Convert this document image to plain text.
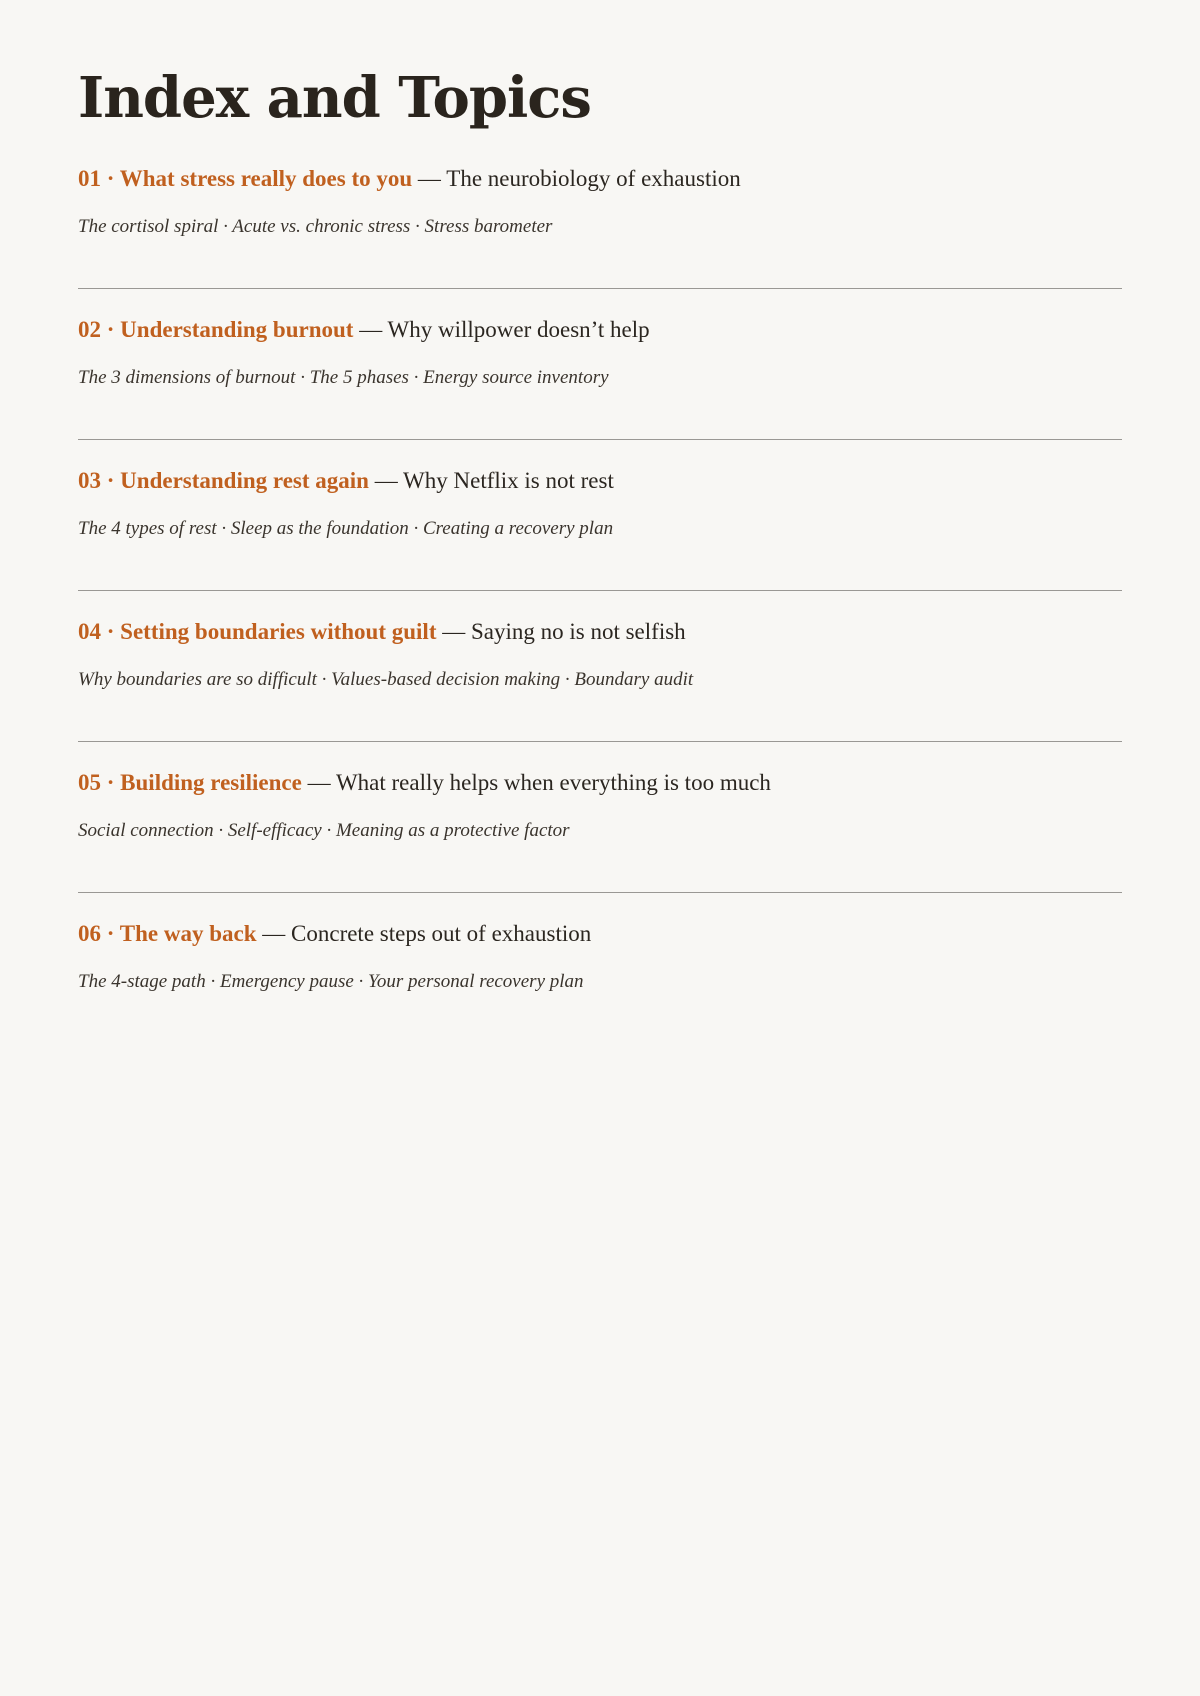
Index and Topics

01 · What stress really does to you — The neurobiology of exhaustion

The cortisol spiral · Acute vs. chronic stress · Stress barometer

02 · Understanding burnout — Why willpower doesn’t help

The 3 dimensions of burnout · The 5 phases · Energy source inventory

03 · Understanding rest again — Why Netflix is not rest

The 4 types of rest · Sleep as the foundation · Creating a recovery plan

04 · Setting boundaries without guilt — Saying no is not selfish

Why boundaries are so difficult · Values-based decision making · Boundary audit

05 · Building resilience — What really helps when everything is too much

Social connection · Self-efficacy · Meaning as a protective factor

06 · The way back — Concrete steps out of exhaustion

The 4-stage path · Emergency pause · Your personal recovery plan
